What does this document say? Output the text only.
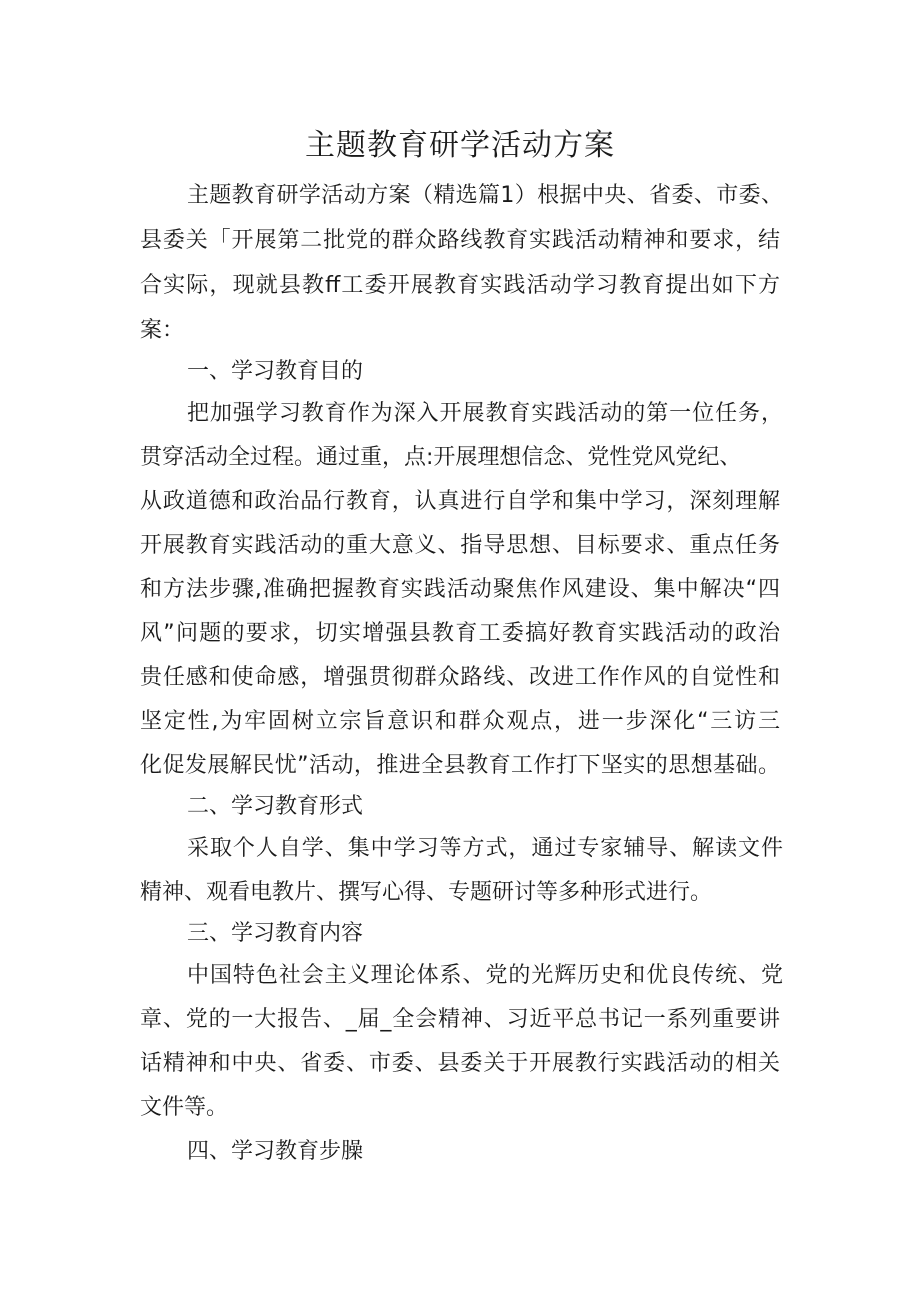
主题教育研学活动方案

主题教育研学活动方案（精选篇1）根据中央、省委、市委、

县委关「开展第二批党的群众路线教育实践活动精神和要求，结

合实际，现就县教ff工委开展教育实践活动学习教育提出如下方

案：

一、学习教育目的

把加强学习教育作为深入开展教育实践活动的第一位任务，

贯穿活动全过程。通过重，点:开展理想信念、党性党风党纪、

从政道德和政治品行教育，认真进行自学和集中学习，深刻理解

开展教育实践活动的重大意义、指导思想、目标要求、重点任务

和方法步骤,准确把握教育实践活动聚焦作风建设、集中解决“四

风”问题的要求，切实增强县教育工委搞好教育实践活动的政治

贵任感和使命感，增强贯彻群众路线、改进工作作风的自觉性和

坚定性,为牢固树立宗旨意识和群众观点，进一步深化“三访三

化促发展解民忧”活动，推进全县教育工作打下坚实的思想基础。

二、学习教育形式

采取个人自学、集中学习等方式，通过专家辅导、解读文件

精神、观看电教片、撰写心得、专题研讨等多种形式进行。

三、学习教育内容

中国特色社会主义理论体系、党的光辉历史和优良传统、党

章、党的一大报告、_届_全会精神、习近平总书记一系列重要讲

话精神和中央、省委、市委、县委关于开展教行实践活动的相关

文件等。

四、学习教育步臊
